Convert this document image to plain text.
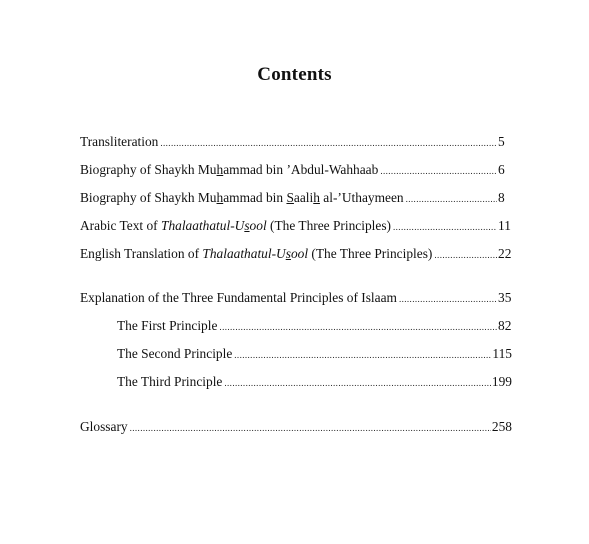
Contents
Transliteration .....	5
Biography of Shaykh Muhammad bin ’Abdul-Wahhaab .....	6
Biography of Shaykh Muhammad bin Saalih al-’Uthaymeen .....	8
Arabic Text of Thalaathatul-Usool (The Three Principles) .....	11
English Translation of Thalaathatul-Usool (The Three Principles) .....	22
Explanation of the Three Fundamental Principles of Islaam .....	35
The First Principle .....	82
The Second Principle .....	115
The Third Principle .....	199
Glossary .....	258
